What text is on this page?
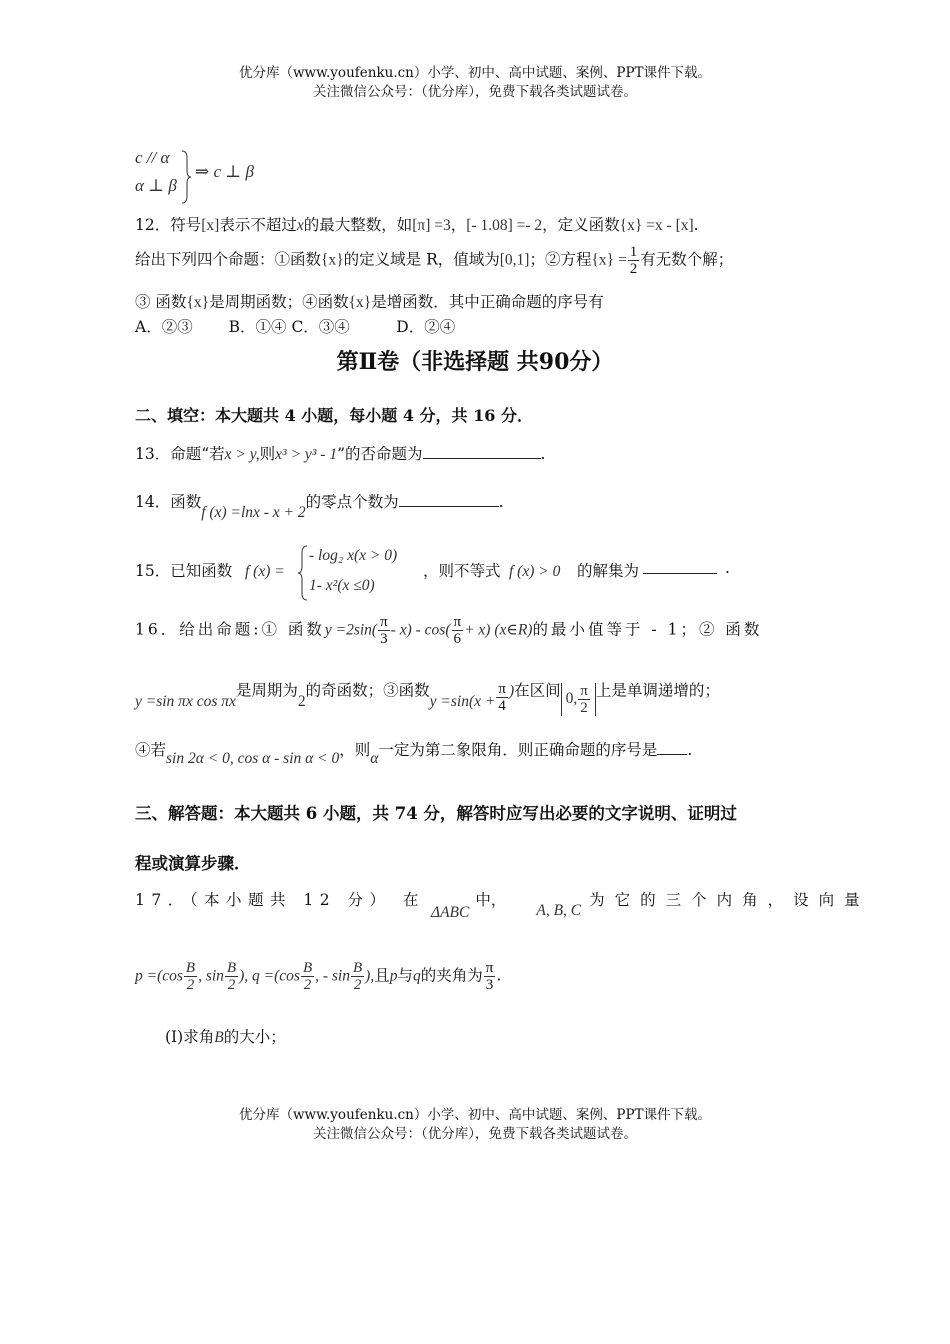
优分库（www.youfenku.cn）小学、初中、高中试题、案例、PPT课件下载。
关注微信公众号：（优分库），免费下载各类试题试卷。
c // α
α ⊥ β
⇒ c ⊥ β
12．符号[x]表示不超过x的最大整数，如[π] =3，[- 1.08] =- 2，定义函数{x} =x - [x].
给出下列四个命题：①函数{x}的定义域是 R，值域为[0,1]；②方程$\{x\} = \frac{1}{2}$ 有无数个解；
③ 函数{x}是周期函数；④函数{x}是增函数．其中正确命题的序号有
A．②③　　 B．①④ C．③④　　　D．②④
第Ⅱ卷（非选择题 共90分）
二、填空：本大题共 4 小题，每小题 4 分，共 16 分．
13．命题“若x > y,则x³ > y³ - 1”的否命题为	.
14．函数f (x) =lnx - x + 2的零点个数为	.
15．已知函数 f (x) =
- log₂ x(x > 0)
1- x²(x ≤0)
，则不等式 f (x) > 0 的解集为	.
16．给出命题:① 函数$y =2\sin( \frac{\pi}{3} - x) - \cos( \frac{\pi}{6} + x)$ (x∈R)的最小值等于 - 1；② 函数
y =sin πx cos πx是周期为2的奇函数；③函数$y =\sin(x + \frac{\pi}{4}$ )在区间 0, $\frac{\pi}{2}$ 上是单调递增的；
④若sin 2α < 0, cos α - sin α < 0，则α一定为第二象限角．则正确命题的序号是 .
三、解答题：本大题共 6 小题，共 74 分，解答时应写出必要的文字说明、证明过
程或演算步骤．
17．（本小题共 12 分） 在ΔABC中，A, B, C为它的三个内角，设向量
$p =(\cos \frac{B}{2}$ , $\sin \frac{B}{2}$ ), $q =(\cos \frac{B}{2}$ , - $\sin \frac{B}{2}$ ),且p与q的夹角为 $\frac{\pi}{3}$ .
(Ⅰ)求角B的大小；
优分库（www.youfenku.cn）小学、初中、高中试题、案例、PPT课件下载。
关注微信公众号：（优分库），免费下载各类试题试卷。
